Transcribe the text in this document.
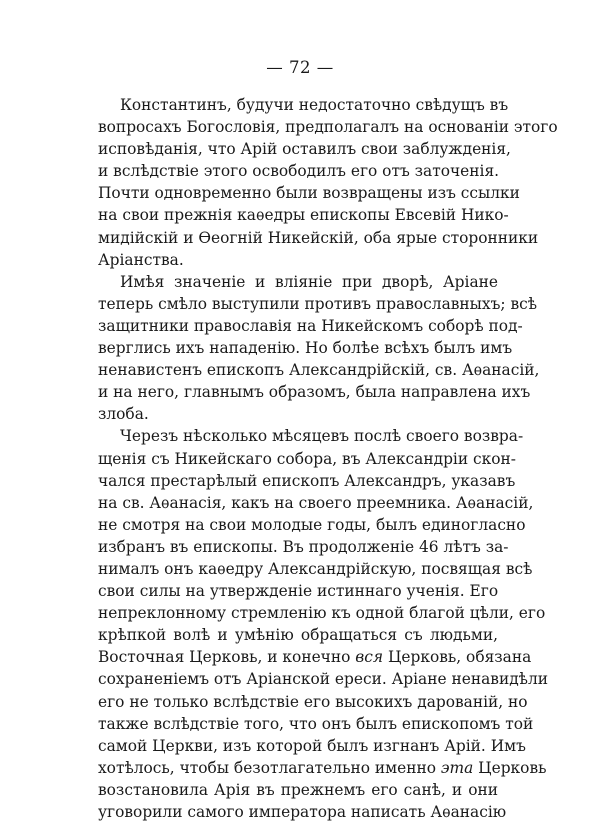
— 72 —
Константинъ, будучи недостаточно свѣдущъ въ
вопросахъ Богословія, предполагалъ на основаніи этого
исповѣданія, что Арій оставилъ свои заблужденія,
и вслѣдствіе этого освободилъ его отъ заточенія.
Почти одновременно были возвращены изъ ссылки
на свои прежнія каѳедры епископы Евсевій Нико-
мидійскій и Ѳеогній Никейскій, оба ярые сторонники
Аріанства.
Имѣя значеніе и вліяніе при дворѣ, Аріане
теперь смѣло выступили противъ православныхъ; всѣ
защитники православія на Никейскомъ соборѣ под-
верглись ихъ нападенію. Но болѣе всѣхъ былъ имъ
ненавистенъ епископъ Александрійскій, св. Аѳанасій,
и на него, главнымъ образомъ, была направлена ихъ
злоба.
Черезъ нѣсколько мѣсяцевъ послѣ своего возвра-
щенія съ Никейскаго собора, въ Александріи скон-
чался престарѣлый епископъ Александръ, указавъ
на св. Аѳанасія, какъ на своего преемника. Аѳанасій,
не смотря на свои молодые годы, былъ единогласно
избранъ въ епископы. Въ продолженіе 46 лѣтъ за-
нималъ онъ каѳедру Александрійскую, посвящая всѣ
свои силы на утвержденіе истиннаго ученія. Его
непреклонному стремленію къ одной благой цѣли, его
крѣпкой волѣ и умѣнію обращаться съ людьми,
Восточная Церковь, и конечно вся Церковь, обязана
сохраненіемъ отъ Аріанской ереси. Аріане ненавидѣли
его не только вслѣдствіе его высокихъ дарованій, но
также вслѣдствіе того, что онъ былъ епископомъ той
самой Церкви, изъ которой былъ изгнанъ Арій. Имъ
хотѣлось, чтобы безотлагательно именно эта Церковь
возстановила Арія въ прежнемъ его санѣ, и они
уговорили самого императора написать Аѳанасію
